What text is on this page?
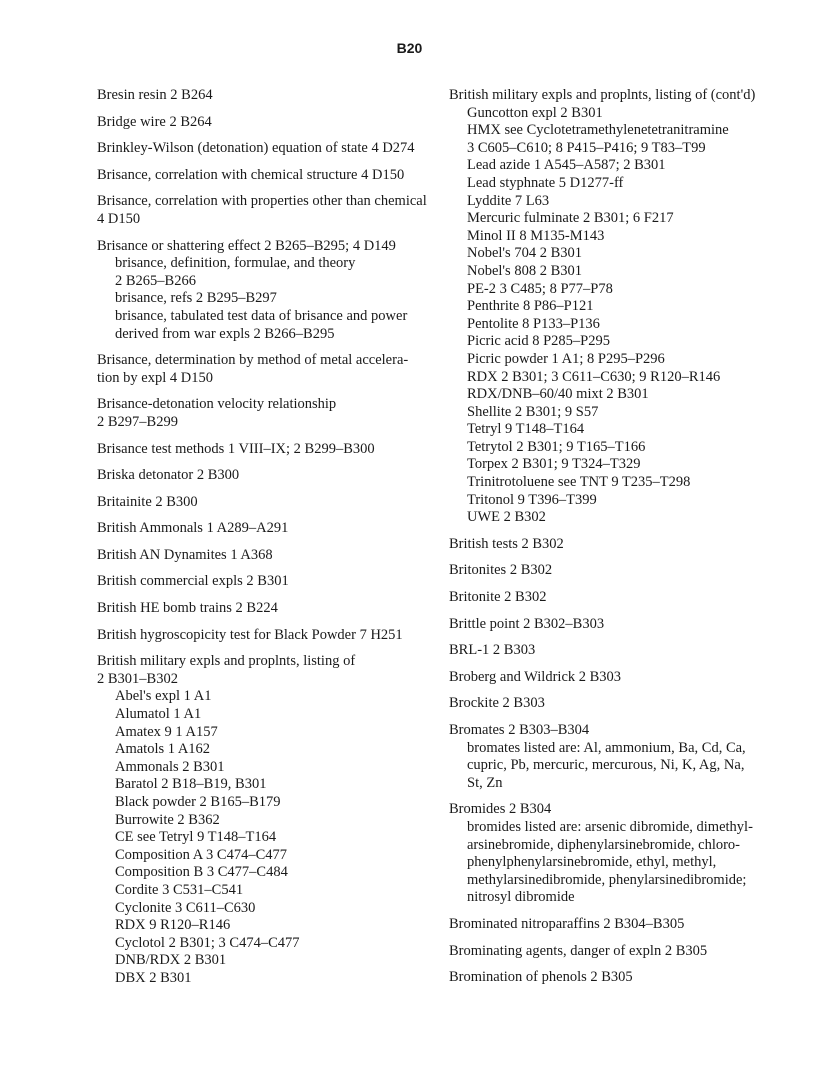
B20
Bresin resin 2 B264
Bridge wire 2 B264
Brinkley-Wilson (detonation) equation of state 4 D274
Brisance, correlation with chemical structure 4 D150
Brisance, correlation with properties other than chemical
4 D150
Brisance or shattering effect 2 B265–B295; 4 D149
brisance, definition, formulae, and theory
2 B265–B266
brisance, refs 2 B295–B297
brisance, tabulated test data of brisance and power
derived from war expls 2 B266–B295
Brisance, determination by method of metal accelera-
tion by expl 4 D150
Brisance-detonation velocity relationship
2 B297–B299
Brisance test methods 1 VIII–IX; 2 B299–B300
Briska detonator 2 B300
Britainite 2 B300
British Ammonals 1 A289–A291
British AN Dynamites 1 A368
British commercial expls 2 B301
British HE bomb trains 2 B224
British hygroscopicity test for Black Powder 7 H251
British military expls and proplnts, listing of
2 B301–B302
Abel's expl 1 A1
Alumatol 1 A1
Amatex 9 1 A157
Amatols 1 A162
Ammonals 2 B301
Baratol 2 B18–B19, B301
Black powder 2 B165–B179
Burrowite 2 B362
CE see Tetryl 9 T148–T164
Composition A 3 C474–C477
Composition B 3 C477–C484
Cordite 3 C531–C541
Cyclonite 3 C611–C630
RDX 9 R120–R146
Cyclotol 2 B301; 3 C474–C477
DNB/RDX 2 B301
DBX 2 B301
British military expls and proplnts, listing of (cont'd)
Guncotton expl 2 B301
HMX see Cyclotetramethylenetetranitramine
3 C605–C610; 8 P415–P416; 9 T83–T99
Lead azide 1 A545–A587; 2 B301
Lead styphnate 5 D1277-ff
Lyddite 7 L63
Mercuric fulminate 2 B301; 6 F217
Minol II 8 M135-M143
Nobel's 704 2 B301
Nobel's 808 2 B301
PE-2 3 C485; 8 P77–P78
Penthrite 8 P86–P121
Pentolite 8 P133–P136
Picric acid 8 P285–P295
Picric powder 1 A1; 8 P295–P296
RDX 2 B301; 3 C611–C630; 9 R120–R146
RDX/DNB–60/40 mixt 2 B301
Shellite 2 B301; 9 S57
Tetryl 9 T148–T164
Tetrytol 2 B301; 9 T165–T166
Torpex 2 B301; 9 T324–T329
Trinitrotoluene see TNT 9 T235–T298
Tritonol 9 T396–T399
UWE 2 B302
British tests 2 B302
Britonites 2 B302
Britonite 2 B302
Brittle point 2 B302–B303
BRL-1 2 B303
Broberg and Wildrick 2 B303
Brockite 2 B303
Bromates 2 B303–B304
bromates listed are: Al, ammonium, Ba, Cd, Ca,
cupric, Pb, mercuric, mercurous, Ni, K, Ag, Na,
St, Zn
Bromides 2 B304
bromides listed are: arsenic dibromide, dimethyl-
arsinebromide, diphenylarsinebromide, chloro-
phenylphenylarsinebromide, ethyl, methyl,
methylarsinedibromide, phenylarsinedibromide;
nitrosyl dibromide
Brominated nitroparaffins 2 B304–B305
Brominating agents, danger of expln 2 B305
Bromination of phenols 2 B305
